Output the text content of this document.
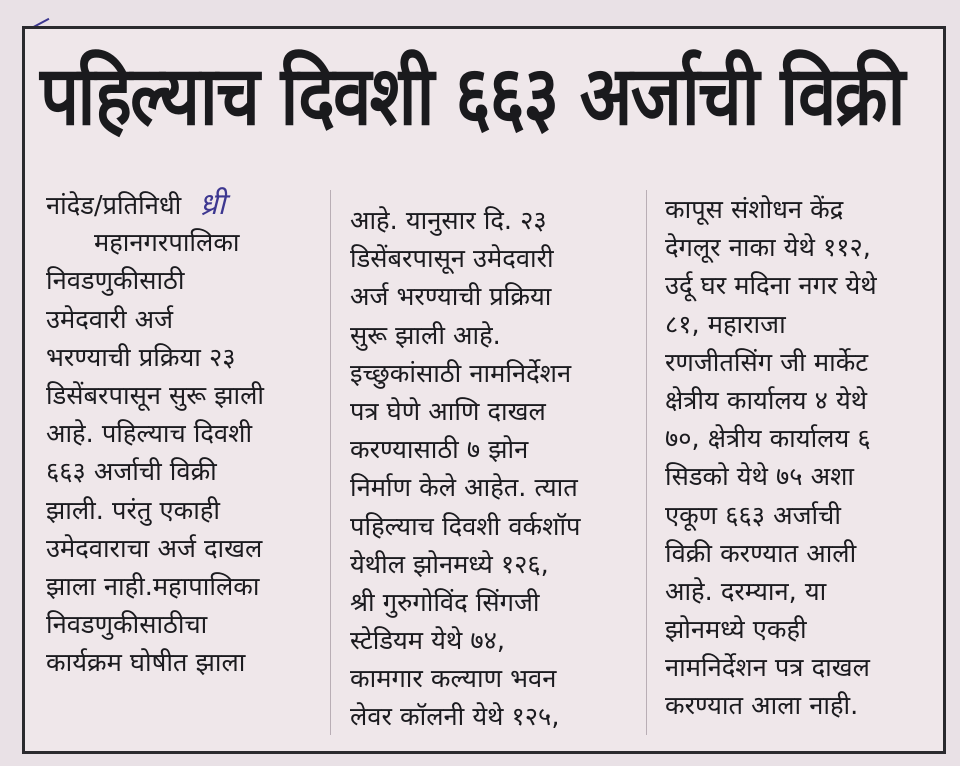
पहिल्याच दिवशी ६६३ अर्जाची विक्री
नांदेड/प्रतिनिधी ध्री
महानगरपालिका
निवडणुकीसाठी
उमेदवारी अर्ज
भरण्याची प्रक्रिया २३
डिसेंबरपासून सुरू झाली
आहे. पहिल्याच दिवशी
६६३ अर्जाची विक्री
झाली. परंतु एकाही
उमेदवाराचा अर्ज दाखल
झाला नाही.महापालिका
निवडणुकीसाठीचा
कार्यक्रम घोषीत झाला
आहे. यानुसार दि. २३
डिसेंबरपासून उमेदवारी
अर्ज भरण्याची प्रक्रिया
सुरू झाली आहे.
इच्छुकांसाठी नामनिर्देशन
पत्र घेणे आणि दाखल
करण्यासाठी ७ झोन
निर्माण केले आहेत. त्यात
पहिल्याच दिवशी वर्कशॉप
येथील झोनमध्ये १२६,
श्री गुरुगोविंद सिंगजी
स्टेडियम येथे ७४,
कामगार कल्याण भवन
लेवर कॉलनी येथे १२५,
कापूस संशोधन केंद्र
देगलूर नाका येथे ११२,
उर्दू घर मदिना नगर येथे
८१, महाराजा
रणजीतसिंग जी मार्केट
क्षेत्रीय कार्यालय ४ येथे
७०, क्षेत्रीय कार्यालय ६
सिडको येथे ७५ अशा
एकूण ६६३ अर्जाची
विक्री करण्यात आली
आहे. दरम्यान, या
झोनमध्ये एकही
नामनिर्देशन पत्र दाखल
करण्यात आला नाही.
